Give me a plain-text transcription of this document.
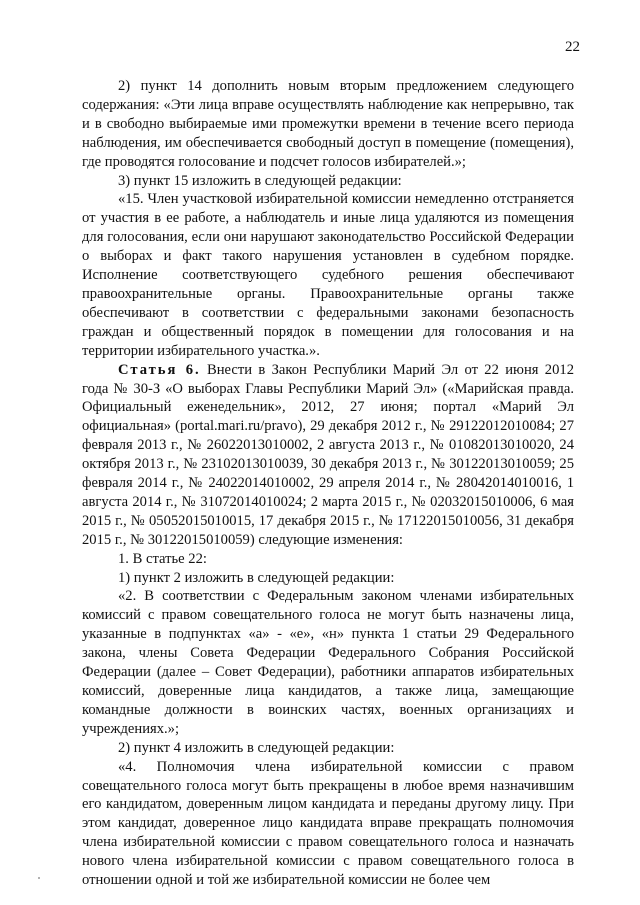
22

2) пункт 14 дополнить новым вторым предложением следующего содержания: «Эти лица вправе осуществлять наблюдение как непрерывно, так и в свободно выбираемые ими промежутки времени в течение всего периода наблюдения, им обеспечивается свободный доступ в помещение (помещения), где проводятся голосование и подсчет голосов избирателей.»;

3) пункт 15 изложить в следующей редакции:

«15. Член участковой избирательной комиссии немедленно отстраняется от участия в ее работе, а наблюдатель и иные лица удаляются из помещения для голосования, если они нарушают законодательство Российской Федерации о выборах и факт такого нарушения установлен в судебном порядке. Исполнение соответствующего судебного решения обеспечивают правоохранительные органы. Правоохранительные органы также обеспечивают в соответствии с федеральными законами безопасность граждан и общественный порядок в помещении для голосования и на территории избирательного участка.».

Статья 6. Внести в Закон Республики Марий Эл от 22 июня 2012 года № 30-З «О выборах Главы Республики Марий Эл» («Марийская правда. Официальный еженедельник», 2012, 27 июня; портал «Марий Эл официальная» (portal.mari.ru/pravo), 29 декабря 2012 г., № 29122012010084; 27 февраля 2013 г., № 26022013010002, 2 августа 2013 г., № 01082013010020, 24 октября 2013 г., № 23102013010039, 30 декабря 2013 г., № 30122013010059; 25 февраля 2014 г., № 24022014010002, 29 апреля 2014 г., № 28042014010016, 1 августа 2014 г., № 31072014010024; 2 марта 2015 г., № 02032015010006, 6 мая 2015 г., № 05052015010015, 17 декабря 2015 г., № 17122015010056, 31 декабря 2015 г., № 30122015010059) следующие изменения:

1. В статье 22:

1) пункт 2 изложить в следующей редакции:

«2. В соответствии с Федеральным законом членами избирательных комиссий с правом совещательного голоса не могут быть назначены лица, указанные в подпунктах «а» - «е», «н» пункта 1 статьи 29 Федерального закона, члены Совета Федерации Федерального Собрания Российской Федерации (далее – Совет Федерации), работники аппаратов избирательных комиссий, доверенные лица кандидатов, а также лица, замещающие командные должности в воинских частях, военных организациях и учреждениях.»;

2) пункт 4 изложить в следующей редакции:

«4. Полномочия члена избирательной комиссии с правом совещательного голоса могут быть прекращены в любое время назначившим его кандидатом, доверенным лицом кандидата и переданы другому лицу. При этом кандидат, доверенное лицо кандидата вправе прекращать полномочия члена избирательной комиссии с правом совещательного голоса и назначать нового члена избирательной комиссии с правом совещательного голоса в отношении одной и той же избирательной комиссии не более чем
